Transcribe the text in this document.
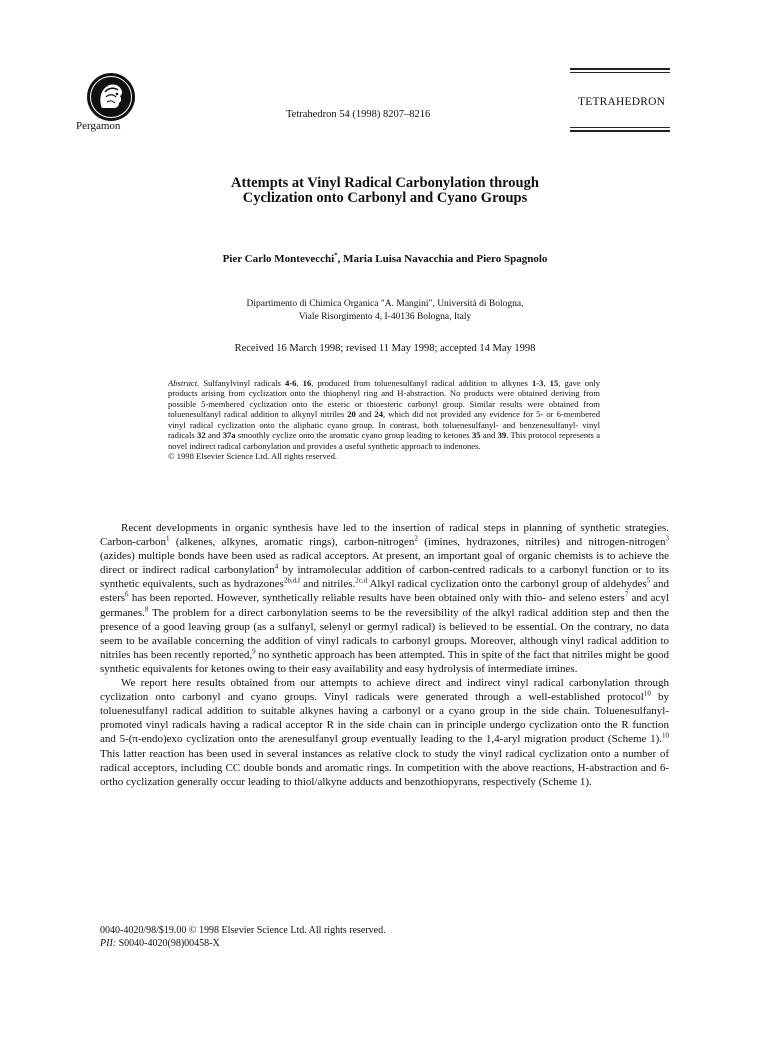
Pergamon
TETRAHEDRON
Tetrahedron 54 (1998) 8207–8216
Attempts at Vinyl Radical Carbonylation through
Cyclization onto Carbonyl and Cyano Groups
Pier Carlo Montevecchi*, Maria Luisa Navacchia and Piero Spagnolo
Dipartimento di Chimica Organica "A. Mangini", Università di Bologna,
Viale Risorgimento 4, I-40136 Bologna, Italy
Received 16 March 1998; revised 11 May 1998; accepted 14 May 1998
Abstract. Sulfanylvinyl radicals 4-6, 16, produced from toluenesulfanyl radical addition to alkynes 1-3, 15, gave only products arising from cyclization onto the thiophenyl ring and H-abstraction. No products were obtained deriving from possible 5-membered cyclization onto the esteric or thioesteric carbonyl group. Similar results were obtained from toluenesulfanyl radical addition to alkynyl nitriles 20 and 24, which did not provided any evidence for 5- or 6-membered vinyl radical cyclization onto the aliphatic cyano group. In contrast, both toluenesulfanyl- and benzenesulfanyl- vinyl radicals 32 and 37a smoothly cyclize onto the aromatic cyano group leading to ketones 35 and 39. This protocol represents a novel indirect radical carbonylation and provides a useful synthetic approach to indenones.
© 1998 Elsevier Science Ltd. All rights reserved.

Recent developments in organic synthesis have led to the insertion of radical steps in planning of synthetic strategies. Carbon-carbon$^1$ (alkenes, alkynes, aromatic rings), carbon-nitrogen$^2$ (imines, hydrazones, nitriles) and nitrogen-nitrogen$^3$ (azides) multiple bonds have been used as radical acceptors. At present, an important goal of organic chemists is to achieve the direct or indirect radical carbonylation$^4$ by intramolecular addition of carbon-centred radicals to a carbonyl function or to its synthetic equivalents, such as hydrazones$^{2b,d,f}$ and nitriles.$^{2c,d}$ Alkyl radical cyclization onto the carbonyl group of aldehydes$^5$ and esters$^6$ has been reported. However, synthetically reliable results have been obtained only with thio- and seleno esters$^7$ and acyl germanes.$^8$ The problem for a direct carbonylation seems to be the reversibility of the alkyl radical addition step and then the presence of a good leaving group (as a sulfanyl, selenyl or germyl radical) is believed to be essential. On the contrary, no data seem to be available concerning the addition of vinyl radicals to carbonyl groups. Moreover, although vinyl radical addition to nitriles has been recently reported,$^9$ no synthetic approach has been attempted. This in spite of the fact that nitriles might be good synthetic equivalents for ketones owing to their easy availability and easy hydrolysis of intermediate imines.

We report here results obtained from our attempts to achieve direct and indirect vinyl radical carbonylation through cyclization onto carbonyl and cyano groups. Vinyl radicals were generated through a well-established protocol$^{10}$ by toluenesulfanyl radical addition to suitable alkynes having a carbonyl or a cyano group in the side chain. Toluenesulfanyl-promoted vinyl radicals having a radical acceptor R in the side chain can in principle undergo cyclization onto the R function and 5-(π-endo)exo cyclization onto the arenesulfanyl group eventually leading to the 1,4-aryl migration product (Scheme 1).$^{10}$ This latter reaction has been used in several instances as relative clock to study the vinyl radical cyclization onto a number of radical acceptors, including CC double bonds and aromatic rings. In competition with the above reactions, H-abstraction and 6-ortho cyclization generally occur leading to thiol/alkyne adducts and benzothiopyrans, respectively (Scheme 1).

0040-4020/98/$19.00 © 1998 Elsevier Science Ltd. All rights reserved.
PII: S0040-4020(98)00458-X
